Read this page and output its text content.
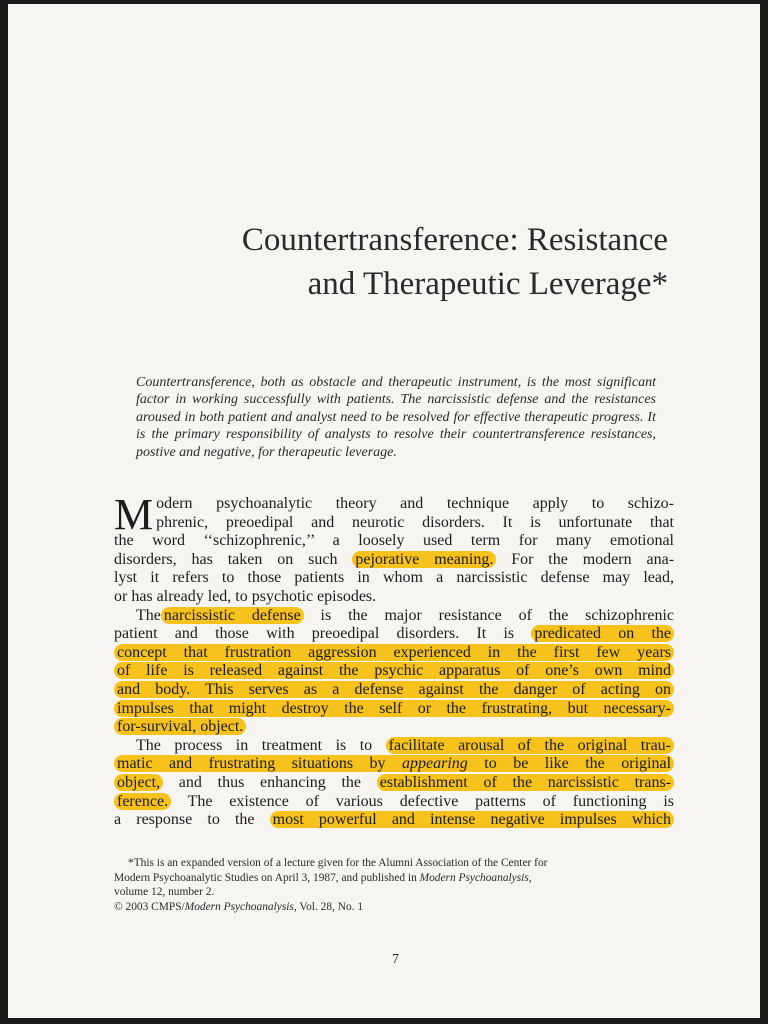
Countertransference: Resistance
and Therapeutic Leverage*

Countertransference, both as obstacle and therapeutic instrument, is the most significant factor in working successfully with patients. The narcissistic defense and the resistances aroused in both patient and analyst need to be resolved for effective therapeutic progress. It is the primary responsibility of analysts to resolve their countertransference resistances, postive and negative, for therapeutic leverage.

M odern psychoanalytic theory and technique apply to schizo-
phrenic, preoedipal and neurotic disorders. It is unfortunate that
the word ‘‘schizophrenic,’’ a loosely used term for many emotional
disorders, has taken on such pejorative meaning. For the modern ana-
lyst it refers to those patients in whom a narcissistic defense may lead,
or has already led, to psychotic episodes.
The narcissistic defense is the major resistance of the schizophrenic
patient and those with preoedipal disorders. It is predicated on the
concept that frustration aggression experienced in the first few years
of life is released against the psychic apparatus of one’s own mind
and body. This serves as a defense against the danger of acting on
impulses that might destroy the self or the frustrating, but necessary-
for-survival, object.
The process in treatment is to facilitate arousal of the original trau-
matic and frustrating situations by appearing to be like the original
object, and thus enhancing the establishment of the narcissistic trans-
ference. The existence of various defective patterns of functioning is
a response to the most powerful and intense negative impulses which
*This is an expanded version of a lecture given for the Alumni Association of the Center for
Modern Psychoanalytic Studies on April 3, 1987, and published in Modern Psychoanalysis,
volume 12, number 2.
© 2003 CMPS/Modern Psychoanalysis, Vol. 28, No. 1
7
